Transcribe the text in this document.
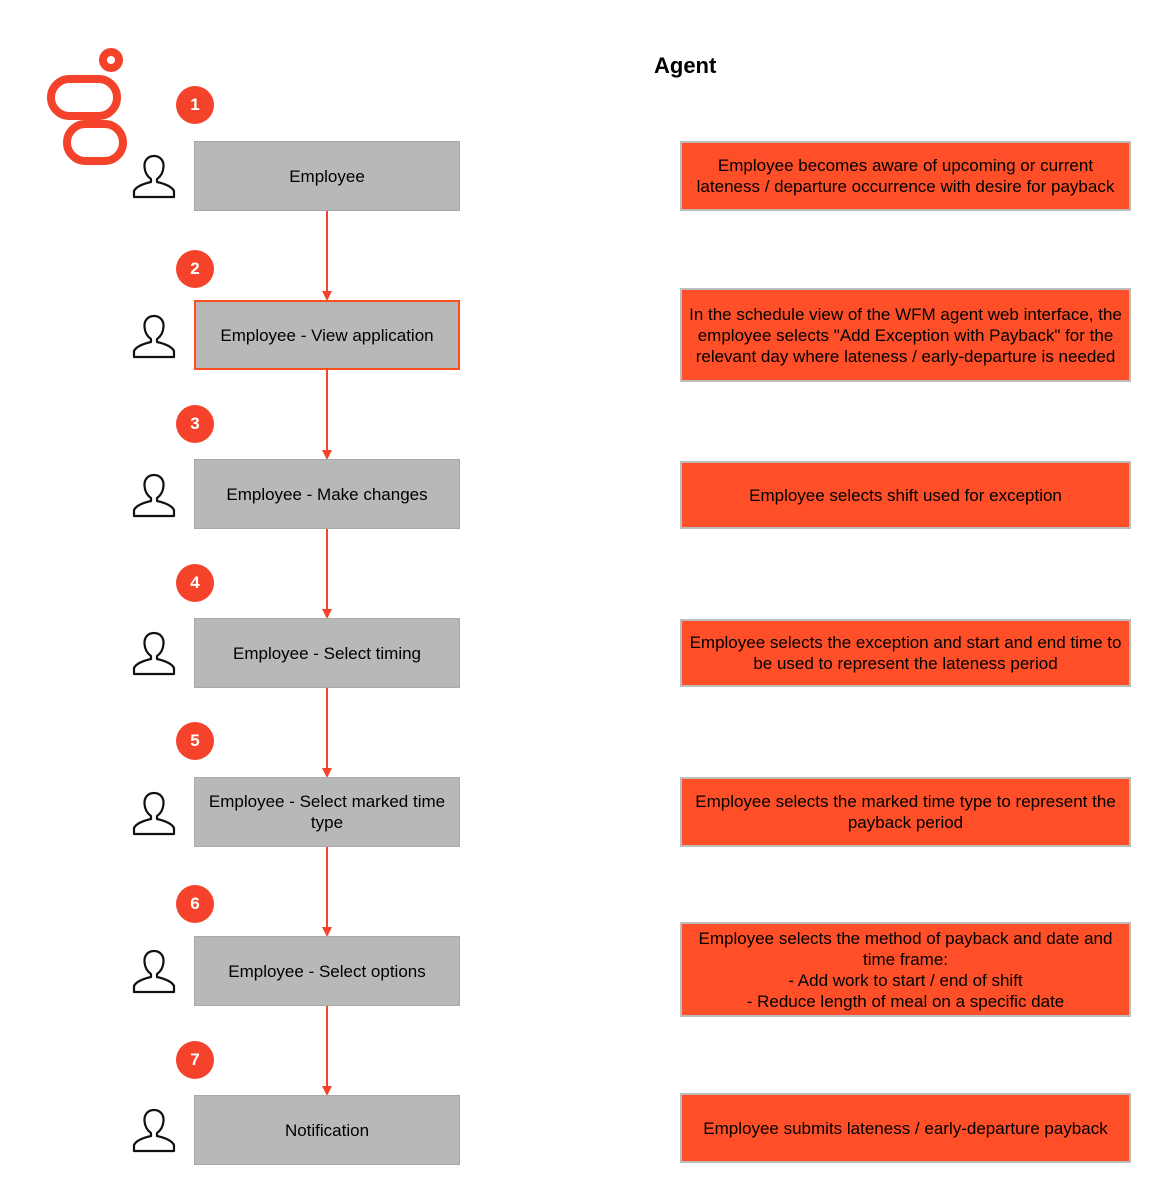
Agent
1
Employee
Employee becomes aware of upcoming or current lateness / departure occurrence with desire for payback
2
Employee - View application
In the schedule view of the WFM agent web interface, the employee selects "Add Exception with Payback" for the relevant day where lateness / early-departure is needed
3
Employee - Make changes	Employee selects shift used for exception
4
Employee - Select timing
Employee selects the exception and start and end time to be used to represent the lateness period
5
Employee - Select marked time type
Employee selects the marked time type to represent the payback period
6
Employee - Select options
Employee selects the method of payback and date and time frame:
- Add work to start / end of shift
- Reduce length of meal on a specific date
7
Notification	Employee submits lateness / early-departure payback
